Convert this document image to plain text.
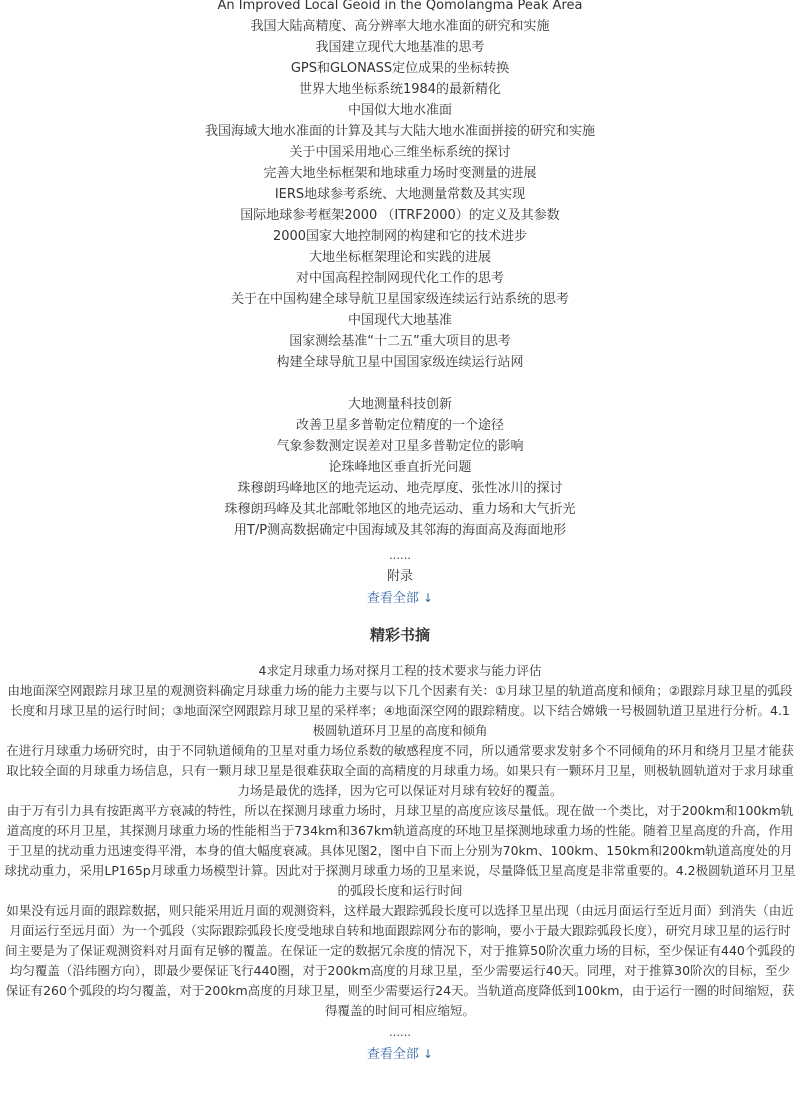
An Improved Local Geoid in the Qomolangma Peak Area
我国大陆高精度、高分辨率大地水准面的研究和实施
我国建立现代大地基准的思考
GPS和GLONASS定位成果的坐标转换
世界大地坐标系统1984的最新精化
中国似大地水准面
我国海域大地水准面的计算及其与大陆大地水准面拼接的研究和实施
关于中国采用地心三维坐标系统的探讨
完善大地坐标框架和地球重力场时变测量的进展
IERS地球参考系统、大地测量常数及其实现
国际地球参考框架2000 （ITRF2000）的定义及其参数
2000国家大地控制网的构建和它的技术进步
大地坐标框架理论和实践的进展
对中国高程控制网现代化工作的思考
关于在中国构建全球导航卫星国家级连续运行站系统的思考
中国现代大地基准
国家测绘基准“十二五”重大项目的思考
构建全球导航卫星中国国家级连续运行站网
大地测量科技创新
改善卫星多普勒定位精度的一个途径
气象参数测定误差对卫星多普勒定位的影响
论珠峰地区垂直折光问题
珠穆朗玛峰地区的地壳运动、地壳厚度、张性冰川的探讨
珠穆朗玛峰及其北部毗邻地区的地壳运动、重力场和大气折光
用T/P测高数据确定中国海域及其邻海的海面高及海面地形
……
附录
查看全部 ↓
精彩书摘

4求定月球重力场对探月工程的技术要求与能力评估

由地面深空网跟踪月球卫星的观测资料确定月球重力场的能力主要与以下几个因素有关：①月球卫星的轨道高度和倾角；②跟踪月球卫星的弧段长度和月球卫星的运行时间；③地面深空网跟踪月球卫星的采样率；④地面深空网的跟踪精度。以下结合嫦娥一号极圆轨道卫星进行分析。4.1极圆轨道环月卫星的高度和倾角

在进行月球重力场研究时，由于不同轨道倾角的卫星对重力场位系数的敏感程度不同，所以通常要求发射多个不同倾角的环月和绕月卫星才能获取比较全面的月球重力场信息，只有一颗月球卫星是很难获取全面的高精度的月球重力场。如果只有一颗环月卫星，则极轨圆轨道对于求月球重力场是最优的选择，因为它可以保证对月球有较好的覆盖。

由于万有引力具有按距离平方衰减的特性，所以在探测月球重力场时，月球卫星的高度应该尽量低。现在做一个类比，对于200km和100km轨道高度的环月卫星，其探测月球重力场的性能相当于734km和367km轨道高度的环地卫星探测地球重力场的性能。随着卫星高度的升高，作用于卫星的扰动重力迅速变得平滑，本身的值大幅度衰减。具体见图2，图中自下而上分别为70km、100km、150km和200km轨道高度处的月球扰动重力，采用LP165p月球重力场模型计算。因此对于探测月球重力场的卫星来说，尽量降低卫星高度是非常重要的。4.2极圆轨道环月卫星的弧段长度和运行时间

如果没有远月面的跟踪数据，则只能采用近月面的观测资料，这样最大跟踪弧段长度可以选择卫星出现（由远月面运行至近月面）到消失（由近月面运行至远月面）为一个弧段（实际跟踪弧段长度受地球自转和地面跟踪网分布的影响，要小于最大跟踪弧段长度），研究月球卫星的运行时间主要是为了保证观测资料对月面有足够的覆盖。在保证一定的数据冗余度的情况下，对于推算50阶次重力场的目标，至少保证有440个弧段的均匀覆盖（沿纬圈方向），即最少要保证飞行440圈，对于200km高度的月球卫星，至少需要运行40天。同理，对于推算30阶次的目标，至少保证有260个弧段的均匀覆盖，对于200km高度的月球卫星，则至少需要运行24天。当轨道高度降低到100km，由于运行一圈的时间缩短，获得覆盖的时间可相应缩短。

……
查看全部 ↓
